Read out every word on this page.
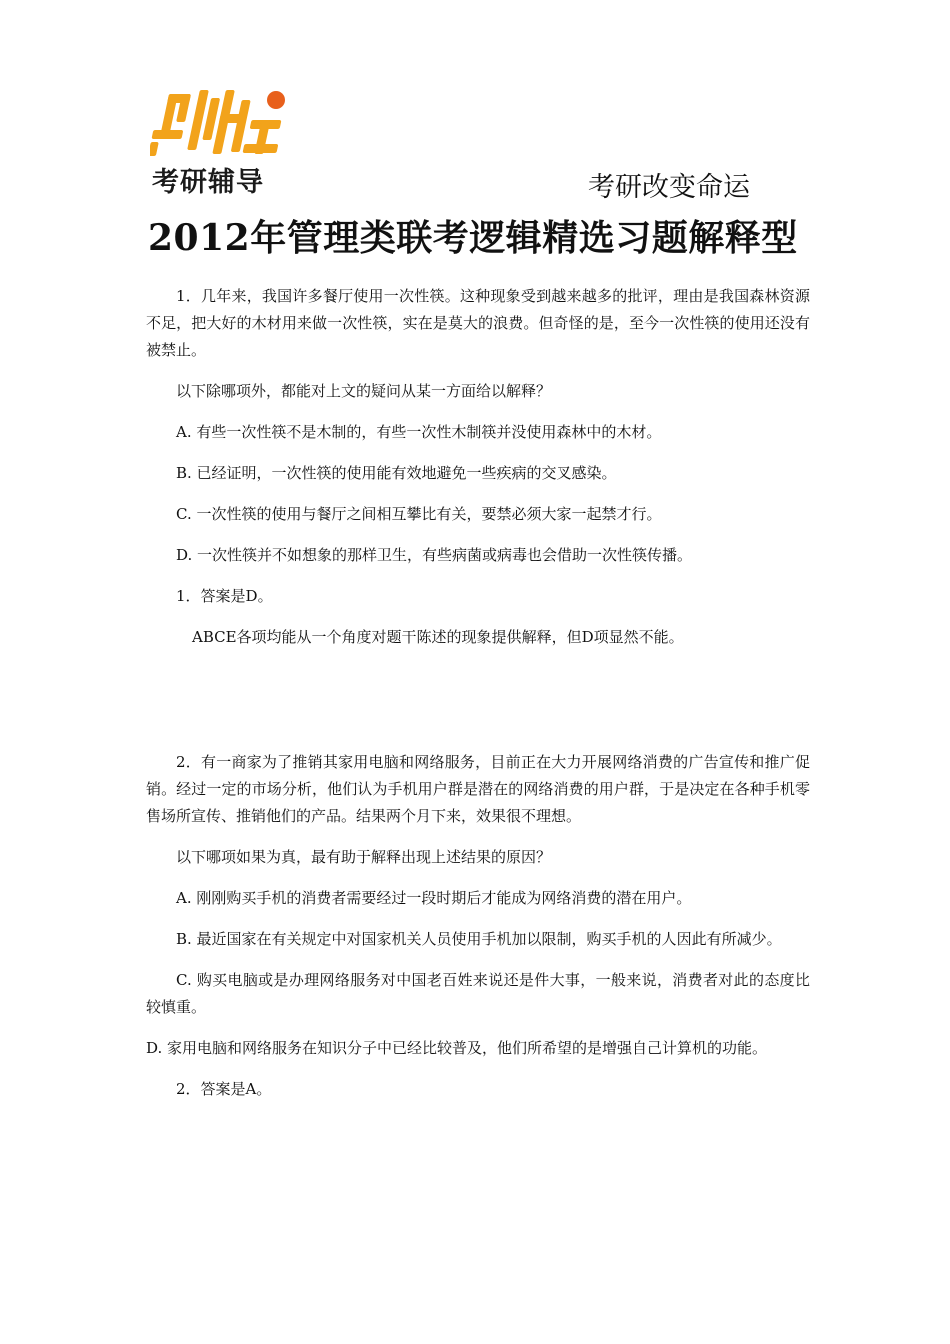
考研辅导	考研改变命运
2012年管理类联考逻辑精选习题解释型

1．几年来，我国许多餐厅使用一次性筷。这种现象受到越来越多的批评，理由是我国森林资源不足，把大好的木材用来做一次性筷，实在是莫大的浪费。但奇怪的是，至今一次性筷的使用还没有被禁止。

以下除哪项外，都能对上文的疑问从某一方面给以解释？

A. 有些一次性筷不是木制的，有些一次性木制筷并没使用森林中的木材。

B. 已经证明，一次性筷的使用能有效地避免一些疾病的交叉感染。

C. 一次性筷的使用与餐厅之间相互攀比有关，要禁必须大家一起禁才行。

D. 一次性筷并不如想象的那样卫生，有些病菌或病毒也会借助一次性筷传播。

1．答案是D。

ABCE各项均能从一个角度对题干陈述的现象提供解释，但D项显然不能。

2．有一商家为了推销其家用电脑和网络服务，目前正在大力开展网络消费的广告宣传和推广促销。经过一定的市场分析，他们认为手机用户群是潜在的网络消费的用户群，于是决定在各种手机零售场所宣传、推销他们的产品。结果两个月下来，效果很不理想。

以下哪项如果为真，最有助于解释出现上述结果的原因？

A. 刚刚购买手机的消费者需要经过一段时期后才能成为网络消费的潜在用户。

B. 最近国家在有关规定中对国家机关人员使用手机加以限制，购买手机的人因此有所减少。

C. 购买电脑或是办理网络服务对中国老百姓来说还是件大事，一般来说，消费者对此的态度比较慎重。

D. 家用电脑和网络服务在知识分子中已经比较普及，他们所希望的是增强自己计算机的功能。

2．答案是A。
